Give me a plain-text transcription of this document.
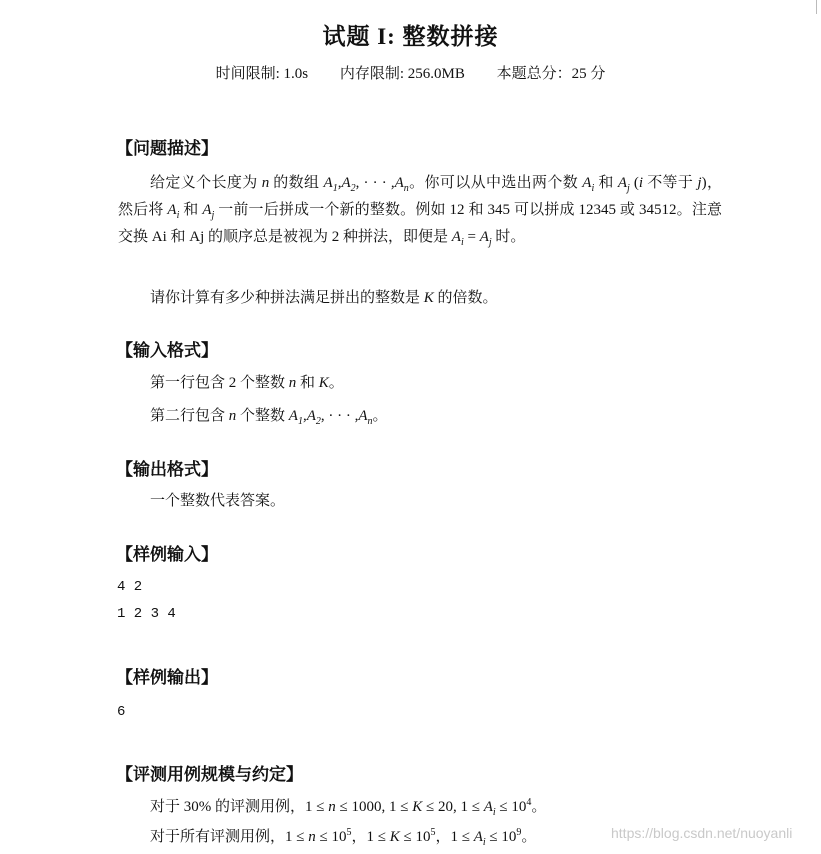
试题 I: 整数拼接
时间限制: 1.0s 内存限制: 256.0MB 本题总分：25 分
【问题描述】
给定义个长度为 n 的数组 $A_1,A_2$, · · · $,A_n$。你可以从中选出两个数 $A_i$ 和 $A_j$ (i 不等于 j)，然后将 $A_i$ 和 $A_j$ 一前一后拼成一个新的整数。例如 12 和 345 可以拼成 12345 或 34512。注意交换 Ai 和 Aj 的顺序总是被视为 2 种拼法，即便是 $A_i = A_j$ 时。
请你计算有多少种拼法满足拼出的整数是 K 的倍数。
【输入格式】
第一行包含 2 个整数 n 和 K。
第二行包含 n 个整数 $A_1,A_2$, · · · $,A_n$。
【输出格式】
一个整数代表答案。
【样例输入】
4 2
1 2 3 4
【样例输出】
6
【评测用例规模与约定】
对于 30% 的评测用例，1 ≤ n ≤ 1000, 1 ≤ K ≤ 20, $1 \le A_i \le 10^4$。
对于所有评测用例，$1 \le n \le 10^5$，$1 \le K \le 10^5$，$1 \le A_i \le 10^9$。	https://blog.csdn.net/nuoyanli
